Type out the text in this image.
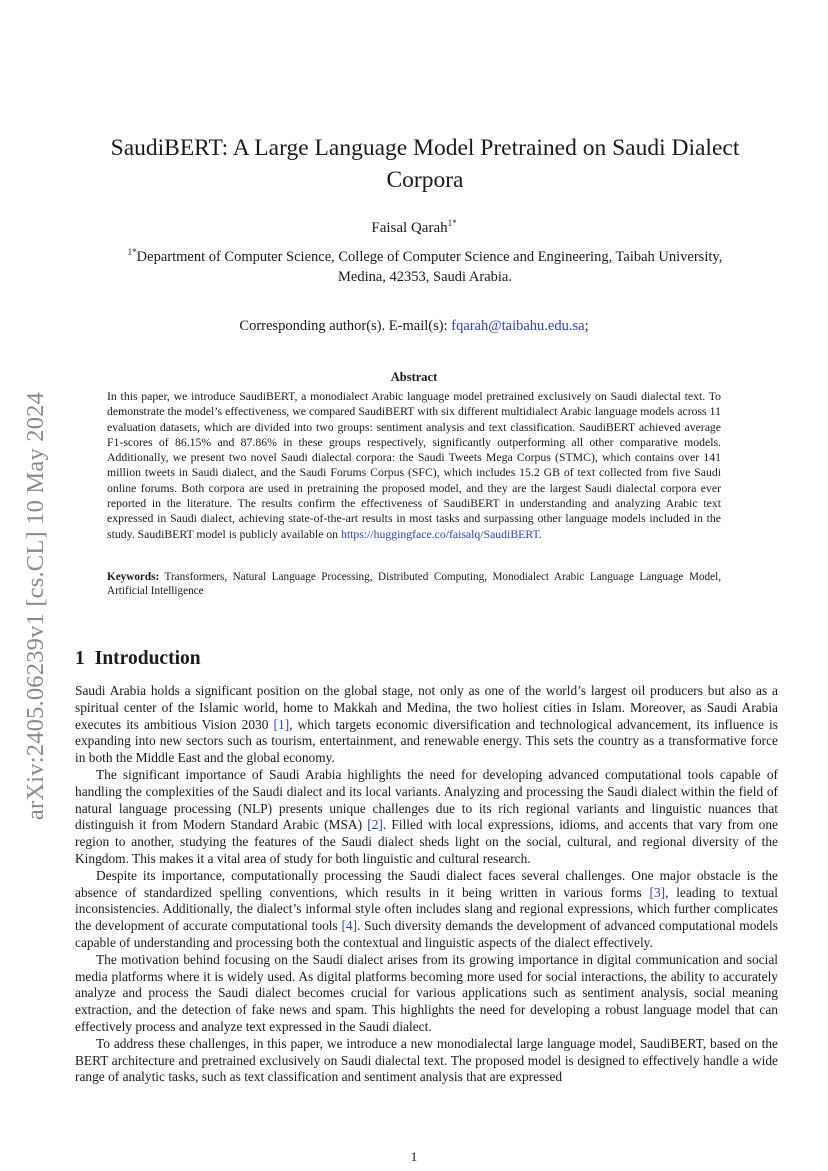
arXiv:2405.06239v1 [cs.CL] 10 May 2024
SaudiBERT: A Large Language Model Pretrained on Saudi Dialect Corpora
Faisal Qarah$^{1*}$
$^{1*}$Department of Computer Science, College of Computer Science and Engineering, Taibah University, Medina, 42353, Saudi Arabia.
Corresponding author(s). E-mail(s): fqarah@taibahu.edu.sa;
Abstract
In this paper, we introduce SaudiBERT, a monodialect Arabic language model pretrained exclusively on Saudi dialectal text. To demonstrate the model’s effectiveness, we compared SaudiBERT with six different multidialect Arabic language models across 11 evaluation datasets, which are divided into two groups: sentiment analysis and text classification. SaudiBERT achieved average F1-scores of 86.15% and 87.86% in these groups respectively, significantly outperforming all other comparative models. Additionally, we present two novel Saudi dialectal corpora: the Saudi Tweets Mega Corpus (STMC), which contains over 141 million tweets in Saudi dialect, and the Saudi Forums Corpus (SFC), which includes 15.2 GB of text collected from five Saudi online forums. Both corpora are used in pretraining the proposed model, and they are the largest Saudi dialectal corpora ever reported in the literature. The results confirm the effectiveness of SaudiBERT in understanding and analyzing Arabic text expressed in Saudi dialect, achieving state-of-the-art results in most tasks and surpassing other language models included in the study. SaudiBERT model is publicly available on https://huggingface.co/faisalq/SaudiBERT.
Keywords: Transformers, Natural Language Processing, Distributed Computing, Monodialect Arabic Language Language Model, Artificial Intelligence
1 Introduction

Saudi Arabia holds a significant position on the global stage, not only as one of the world’s largest oil producers but also as a spiritual center of the Islamic world, home to Makkah and Medina, the two holiest cities in Islam. Moreover, as Saudi Arabia executes its ambitious Vision 2030 [1], which targets economic diversification and technological advancement, its influence is expanding into new sectors such as tourism, entertainment, and renewable energy. This sets the country as a transformative force in both the Middle East and the global economy.

The significant importance of Saudi Arabia highlights the need for developing advanced computational tools capable of handling the complexities of the Saudi dialect and its local variants. Analyzing and processing the Saudi dialect within the field of natural language processing (NLP) presents unique challenges due to its rich regional variants and linguistic nuances that distinguish it from Modern Standard Arabic (MSA) [2]. Filled with local expressions, idioms, and accents that vary from one region to another, studying the features of the Saudi dialect sheds light on the social, cultural, and regional diversity of the Kingdom. This makes it a vital area of study for both linguistic and cultural research.

Despite its importance, computationally processing the Saudi dialect faces several challenges. One major obstacle is the absence of standardized spelling conventions, which results in it being written in various forms [3], leading to textual inconsistencies. Additionally, the dialect’s informal style often includes slang and regional expressions, which further complicates the development of accurate computational tools [4]. Such diversity demands the development of advanced computational models capable of understanding and processing both the contextual and linguistic aspects of the dialect effectively.

The motivation behind focusing on the Saudi dialect arises from its growing importance in digital communication and social media platforms where it is widely used. As digital platforms becoming more used for social interactions, the ability to accurately analyze and process the Saudi dialect becomes crucial for various applications such as sentiment analysis, social meaning extraction, and the detection of fake news and spam. This highlights the need for developing a robust language model that can effectively process and analyze text expressed in the Saudi dialect.

To address these challenges, in this paper, we introduce a new monodialectal large language model, SaudiBERT, based on the BERT architecture and pretrained exclusively on Saudi dialectal text. The proposed model is designed to effectively handle a wide range of analytic tasks, such as text classification and sentiment analysis that are expressed

1
